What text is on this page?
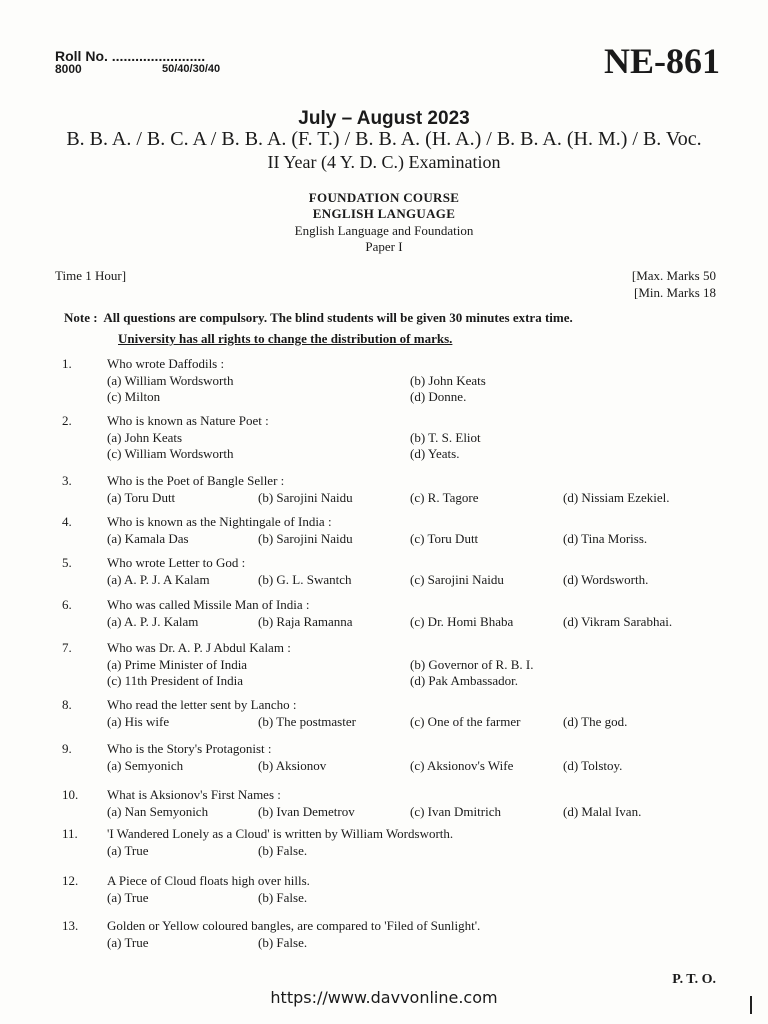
Roll No. ........................
8000	50/40/30/40	NE-861
July – August 2023
B. B. A. / B. C. A / B. B. A. (F. T.) / B. B. A. (H. A.) / B. B. A. (H. M.) / B. Voc.
II Year (4 Y. D. C.) Examination
FOUNDATION COURSE
ENGLISH LANGUAGE
English Language and Foundation
Paper I
Time 1 Hour]	[Max. Marks 50
[Min. Marks 18
Note : All questions are compulsory. The blind students will be given 30 minutes extra time.
University has all rights to change the distribution of marks.
1.	Who wrote Daffodils :
(a) William Wordsworth	(b) John Keats
(c) Milton	(d) Donne.
2.	Who is known as Nature Poet :
(a) John Keats	(b) T. S. Eliot
(c) William Wordsworth	(d) Yeats.
3.	Who is the Poet of Bangle Seller :
(a) Toru Dutt	(b) Sarojini Naidu	(c) R. Tagore	(d) Nissiam Ezekiel.
4.	Who is known as the Nightingale of India :
(a) Kamala Das	(b) Sarojini Naidu	(c) Toru Dutt	(d) Tina Moriss.
5.	Who wrote Letter to God :
(a) A. P. J. A Kalam	(b) G. L. Swantch	(c) Sarojini Naidu	(d) Wordsworth.
6.	Who was called Missile Man of India :
(a) A. P. J. Kalam	(b) Raja Ramanna	(c) Dr. Homi Bhaba	(d) Vikram Sarabhai.
7.	Who was Dr. A. P. J Abdul Kalam :
(a) Prime Minister of India	(b) Governor of R. B. I.
(c) 11th President of India	(d) Pak Ambassador.
8.	Who read the letter sent by Lancho :
(a) His wife	(b) The postmaster	(c) One of the farmer	(d) The god.
9.	Who is the Story's Protagonist :
(a) Semyonich	(b) Aksionov	(c) Aksionov's Wife	(d) Tolstoy.
10. What is Aksionov's First Names :
(a) Nan Semyonich	(b) Ivan Demetrov	(c) Ivan Dmitrich	(d) Malal Ivan.
11. 'I Wandered Lonely as a Cloud' is written by William Wordsworth.
(a) True	(b) False.
12. A Piece of Cloud floats high over hills.
(a) True	(b) False.
13. Golden or Yellow coloured bangles, are compared to 'Filed of Sunlight'.
(a) True	(b) False.
P. T. O.
https://www.davvonline.com
